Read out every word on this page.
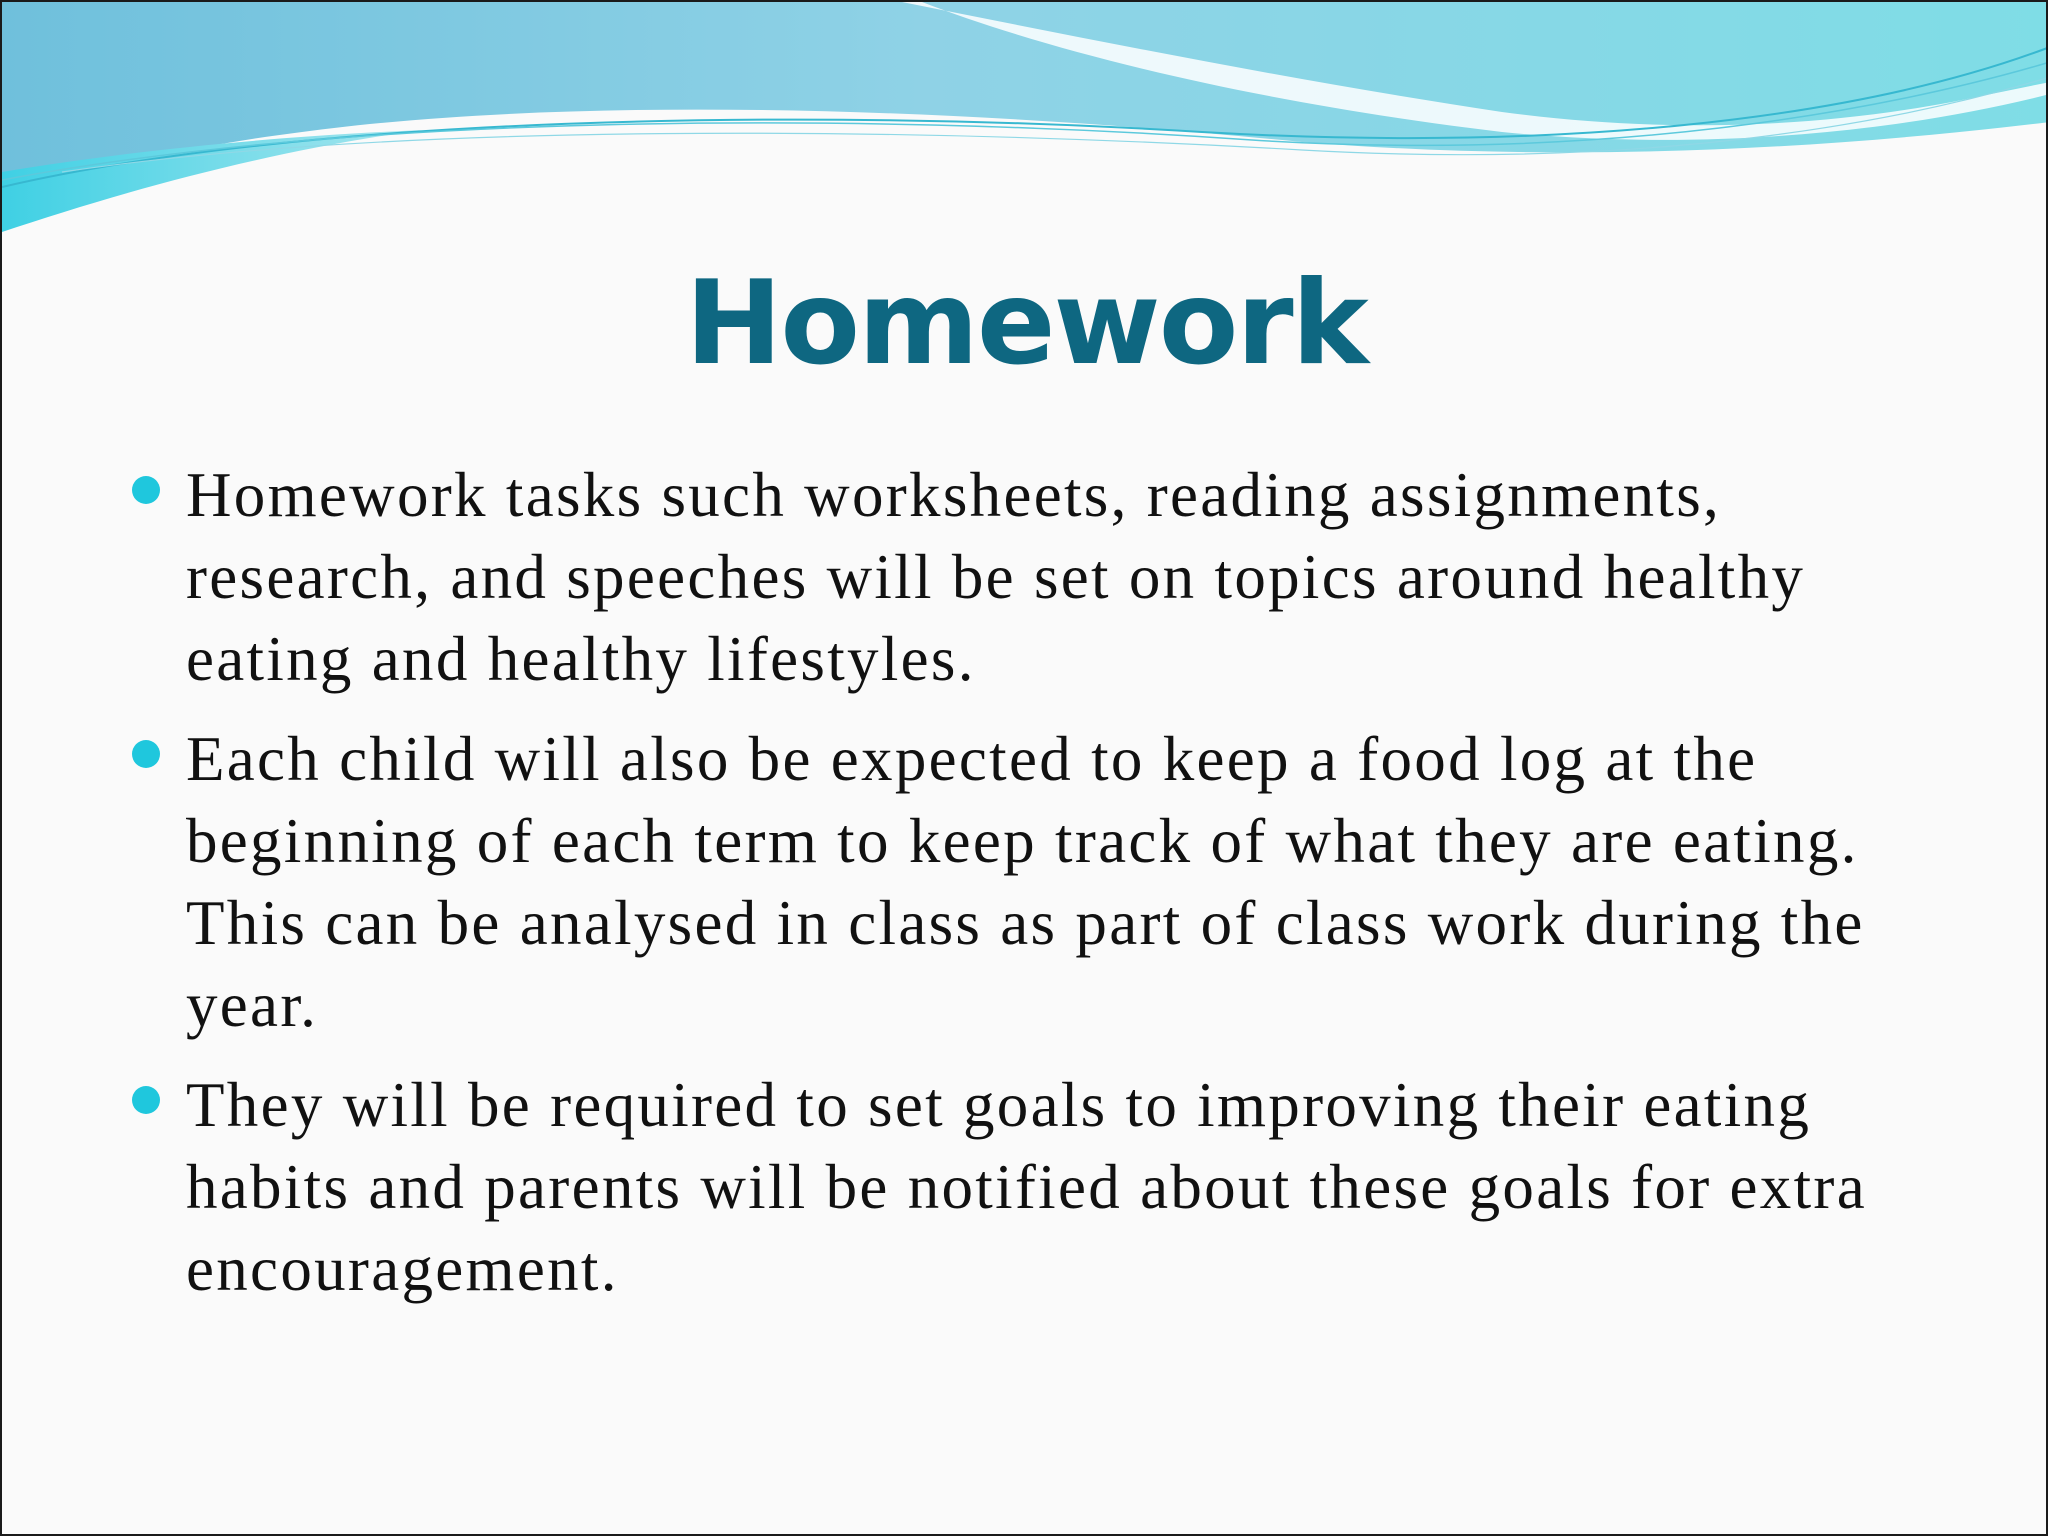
Homework
Homework tasks such worksheets, reading assignments, research, and speeches will be set on topics around healthy eating and healthy lifestyles.
Each child will also be expected to keep a food log at the beginning of each term to keep track of what they are eating. This can be analysed in class as part of class work during the year.
They will be required to set goals to improving their eating habits and parents will be notified about these goals for extra encouragement.
